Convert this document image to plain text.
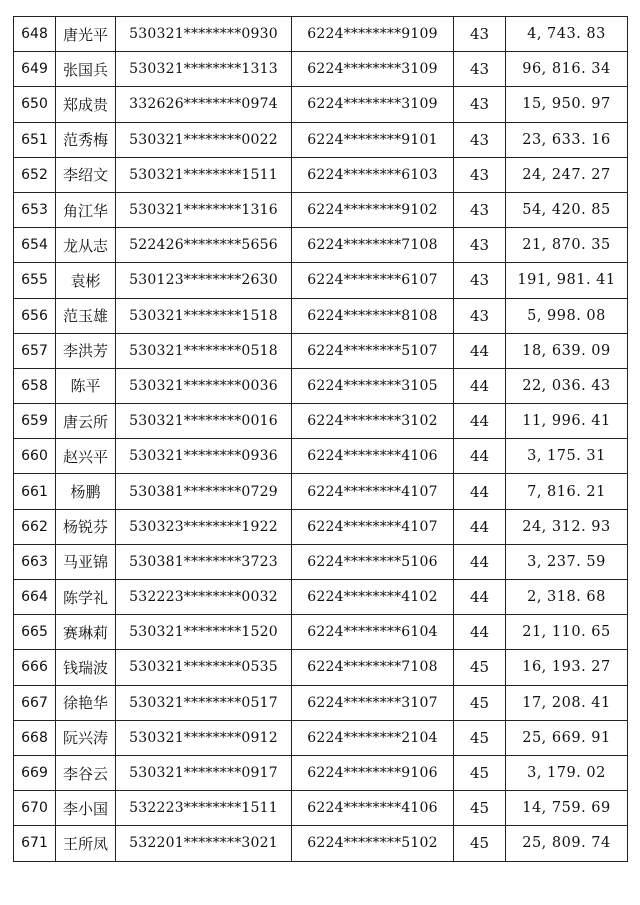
648	唐光平	530321********0930	6224********9109	43	4, 743. 83
649	张国兵	530321********1313	6224********3109	43	96, 816. 34
650	郑成贵	332626********0974	6224********3109	43	15, 950. 97
651	范秀梅	530321********0022	6224********9101	43	23, 633. 16
652	李绍文	530321********1511	6224********6103	43	24, 247. 27
653	角江华	530321********1316	6224********9102	43	54, 420. 85
654	龙从志	522426********5656	6224********7108	43	21, 870. 35
655	袁彬	530123********2630	6224********6107	43	191, 981. 41
656	范玉雄	530321********1518	6224********8108	43	5, 998. 08
657	李洪芳	530321********0518	6224********5107	44	18, 639. 09
658	陈平	530321********0036	6224********3105	44	22, 036. 43
659	唐云所	530321********0016	6224********3102	44	11, 996. 41
660	赵兴平	530321********0936	6224********4106	44	3, 175. 31
661	杨鹏	530381********0729	6224********4107	44	7, 816. 21
662	杨锐芬	530323********1922	6224********4107	44	24, 312. 93
663	马亚锦	530381********3723	6224********5106	44	3, 237. 59
664	陈学礼	532223********0032	6224********4102	44	2, 318. 68
665	赛琳莉	530321********1520	6224********6104	44	21, 110. 65
666	钱瑞波	530321********0535	6224********7108	45	16, 193. 27
667	徐艳华	530321********0517	6224********3107	45	17, 208. 41
668	阮兴涛	530321********0912	6224********2104	45	25, 669. 91
669	李谷云	530321********0917	6224********9106	45	3, 179. 02
670	李小国	532223********1511	6224********4106	45	14, 759. 69
671	王所凤	532201********3021	6224********5102	45	25, 809. 74
